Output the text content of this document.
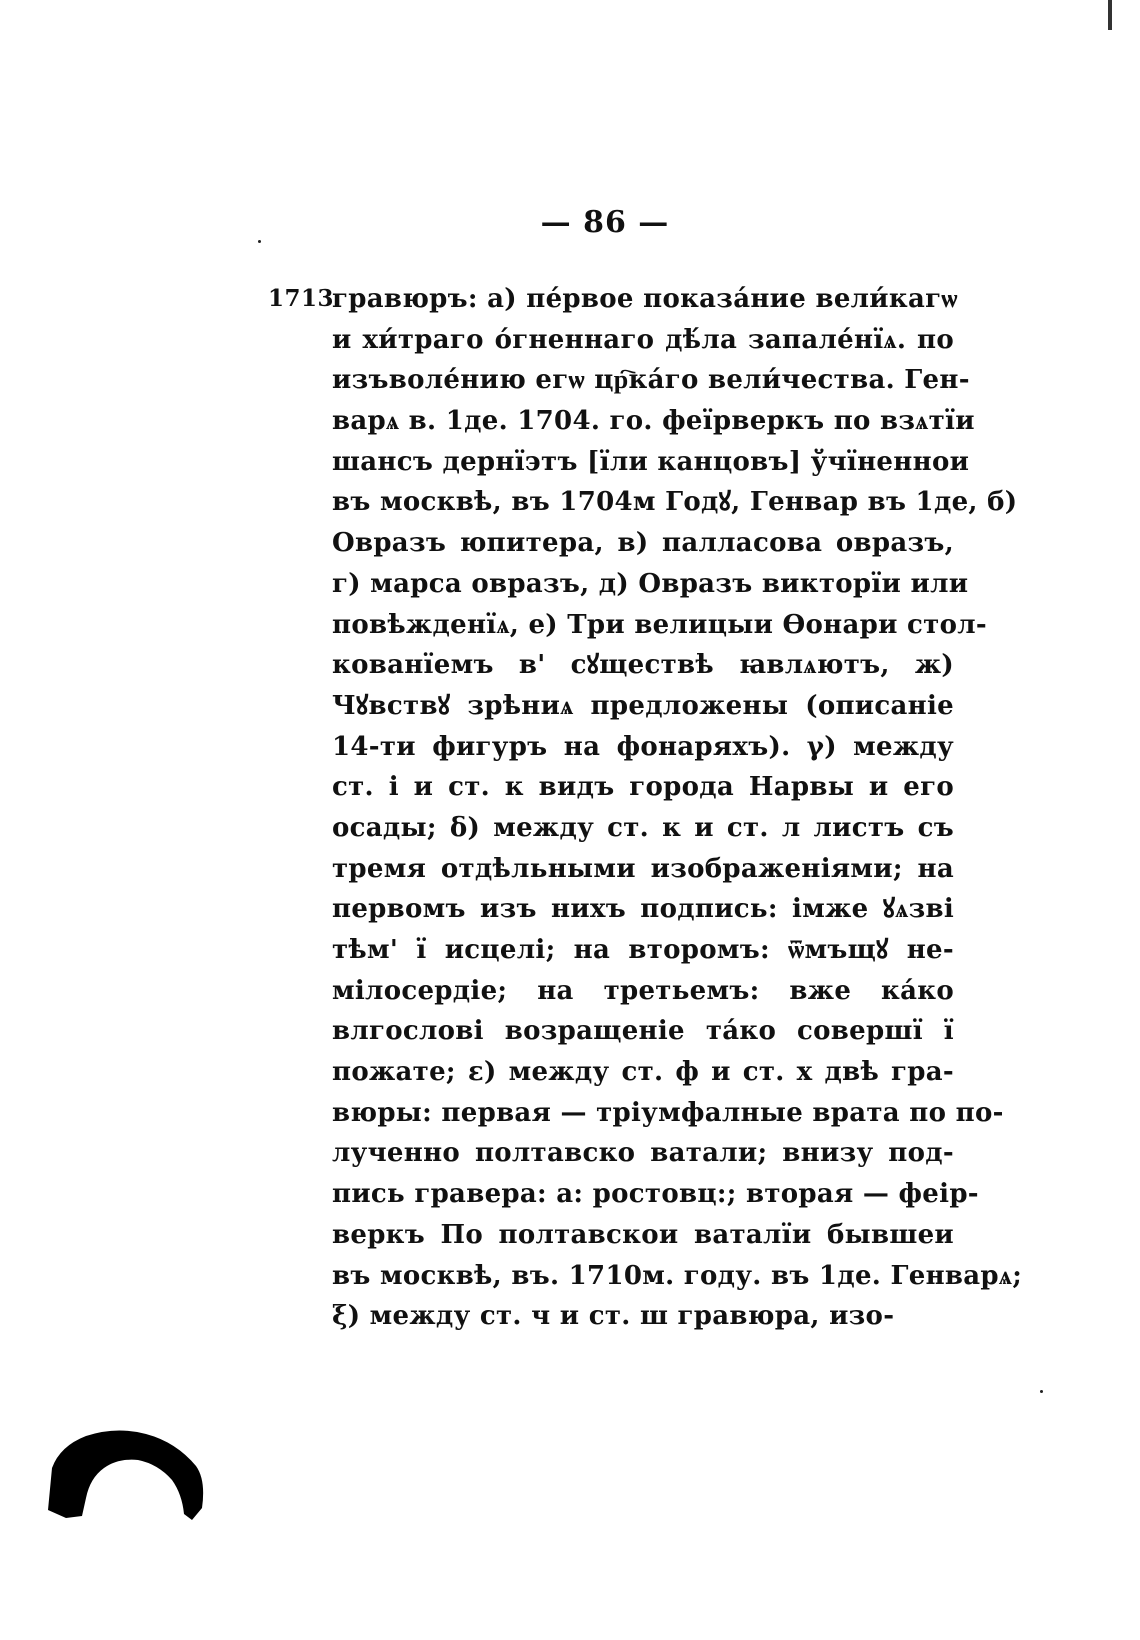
— 86 —
1713
гравюръ: а) пе́рвое показа́ние вели́кагѡ
и хи́траго о́гненнаго дѣ́ла запале́нїѧ. по
изъволе́нию егѡ цр҇кáго вели́чества. Ген-
варѧ в. 1де. 1704. го. феїрверкъ по взѧтїи
шансъ дернїэтъ [їли канцовъ] ўчїненнои
въ москвѣ, въ 1704м Годꙋ, Генвар въ 1де, б)
Овразъ юпитера, в) палласова овразъ,
г) марса овразъ, д) Овразъ викторїи или
повѣжденїѧ, е) Три велицыи Ѳонари стол-
кованїемъ в' сꙋществѣ ꙗвлѧютъ, ж)
Чꙋвствꙋ зрѣниѧ предложены (описаніе
14-ти фигуръ на фонаряхъ). γ) между
ст. і и ст. к видъ города Нарвы и его
осады; δ) между ст. к и ст. л листъ съ
тремя отдѣльными изображеніями; на
первомъ изъ нихъ подпись: імже ꙋѧзві
тѣм' ї исцелі; на второмъ: ѿмъщꙋ не-
мілосердіе; на третьемъ: вже ка́ко
влгослові возращеніе та́ко совершї ї
пожате; ε) между ст. ф и ст. х двѣ гра-
вюры: первая — тріумфалные врата по по-
лученно полтавско ватали; внизу под-
пись гравера: а: ростовц:; вторая — феір-
веркъ По полтавскои ваталїи бывшеи
въ москвѣ, въ. 1710м. году. въ 1де. Генварѧ;
ξ) между ст. ч и ст. ш гравюра, изо-
